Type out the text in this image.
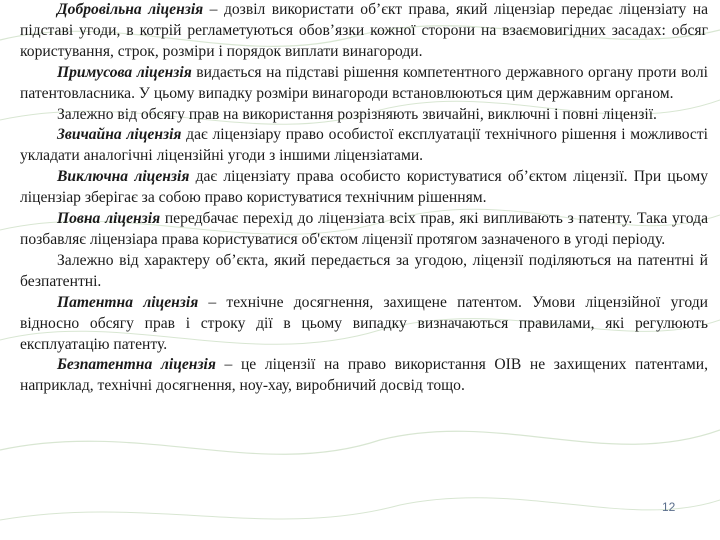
Добровільна ліцензія – дозвіл використати об’єкт права, який ліцензіар передає ліцензіату на підставі угоди, в котрій регламетуються обов’язки кожної сторони на взаємовигідних засадах: обсяг користування, строк, розміри і порядок виплати винагороди.

Примусова ліцензія видається на підставі рішення компетентного державного органу проти волі патентовласника. У цьому випадку розміри винагороди встановлюються цим державним органом.

Залежно від обсягу прав на використання розрізняють звичайні, виключні і повні ліцензії.

Звичайна ліцензія дає ліцензіару право особистої експлуатації технічного рішення і можливості укладати аналогічні ліцензійні угоди з іншими ліцензіатами.

Виключна ліцензія дає ліцензіату права особисто користуватися об’єктом ліцензії. При цьому ліцензіар зберігає за собою право користуватися технічним рішенням.

Повна ліцензія передбачає перехід до ліцензіата всіх прав, які випливають з патенту. Така угода позбавляє ліцензіара права користуватися об'єктом ліцензії протягом зазначеного в угоді періоду.

Залежно від характеру об’єкта, який передається за угодою, ліцензії поділяються на патентні й безпатентні.

Патентна ліцензія – технічне досягнення, захищене патентом. Умови ліцензійної угоди відносно обсягу прав і строку дії в цьому випадку визначаються правилами, які регулюють експлуатацію патенту.

Безпатентна ліцензія – це ліцензії на право використання ОІВ не захищених патентами, наприклад, технічні досягнення, ноу-хау, виробничий досвід тощо.

12
